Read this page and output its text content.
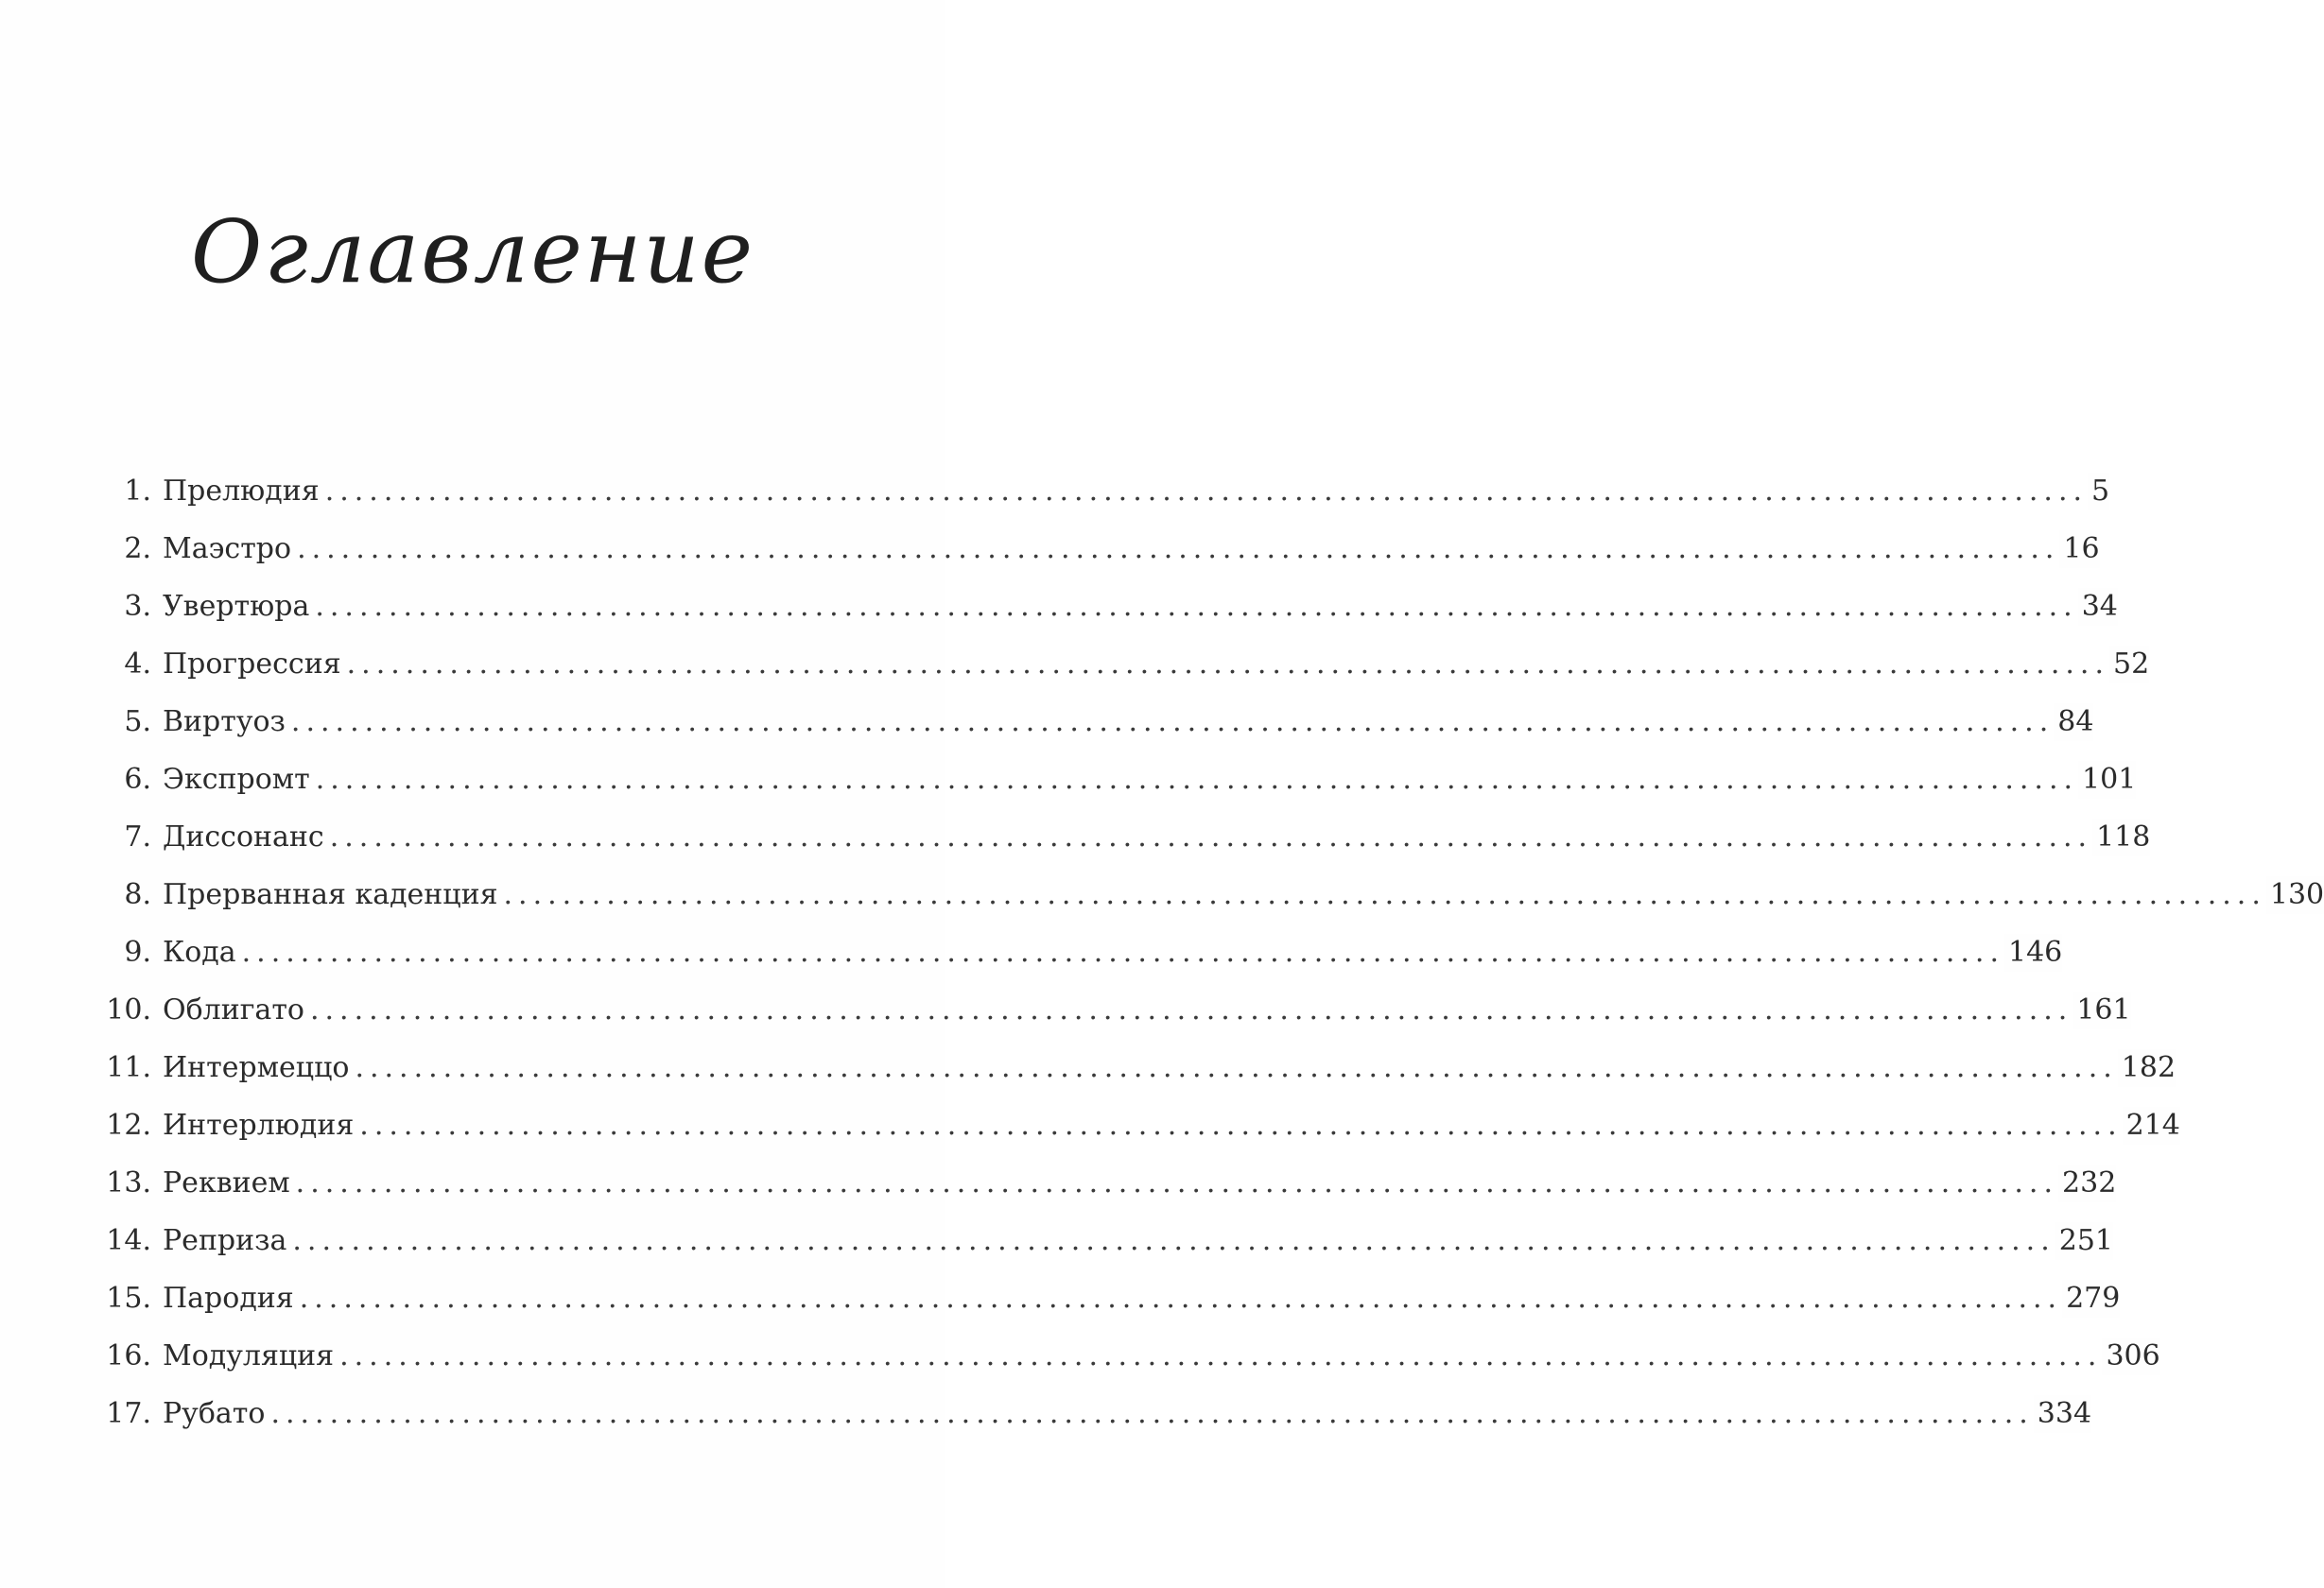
Оглавление
1. Прелюдия ........................................................................................................................ 5
2. Маэстро ........................................................................................................................ 16
3. Увертюра ........................................................................................................................ 34
4. Прогрессия ........................................................................................................................ 52
5. Виртуоз ........................................................................................................................ 84
6. Экспромт ........................................................................................................................ 101
7. Диссонанс ........................................................................................................................ 118
8. Прерванная каденция ........................................................................................................................ 130
9. Кода ........................................................................................................................ 146
10. Облигато ........................................................................................................................ 161
11. Интермеццо ........................................................................................................................ 182
12. Интерлюдия ........................................................................................................................ 214
13. Реквием ........................................................................................................................ 232
14. Реприза ........................................................................................................................ 251
15. Пародия ........................................................................................................................ 279
16. Модуляция ........................................................................................................................ 306
17. Рубато ........................................................................................................................ 334
